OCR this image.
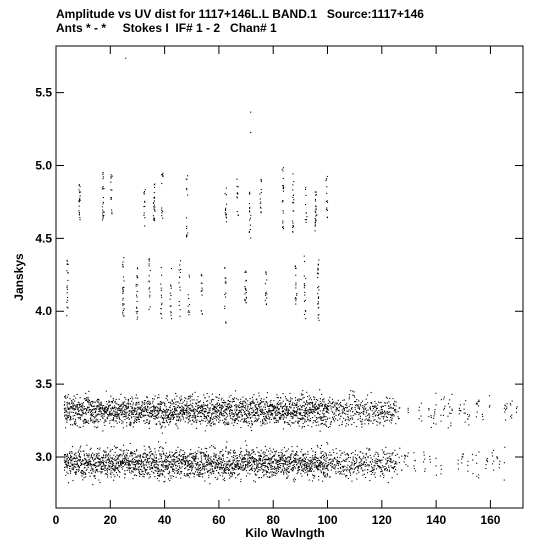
Amplitude vs UV dist for 1117+146L.L BAND.1   Source:1117+146
Ants * - *     Stokes I  IF# 1 - 2   Chan# 1
0	20	40	60	80	100	120	140	160
3.0
3.5
4.0
4.5
5.0
5.5
Kilo Wavlngth
Janskys
